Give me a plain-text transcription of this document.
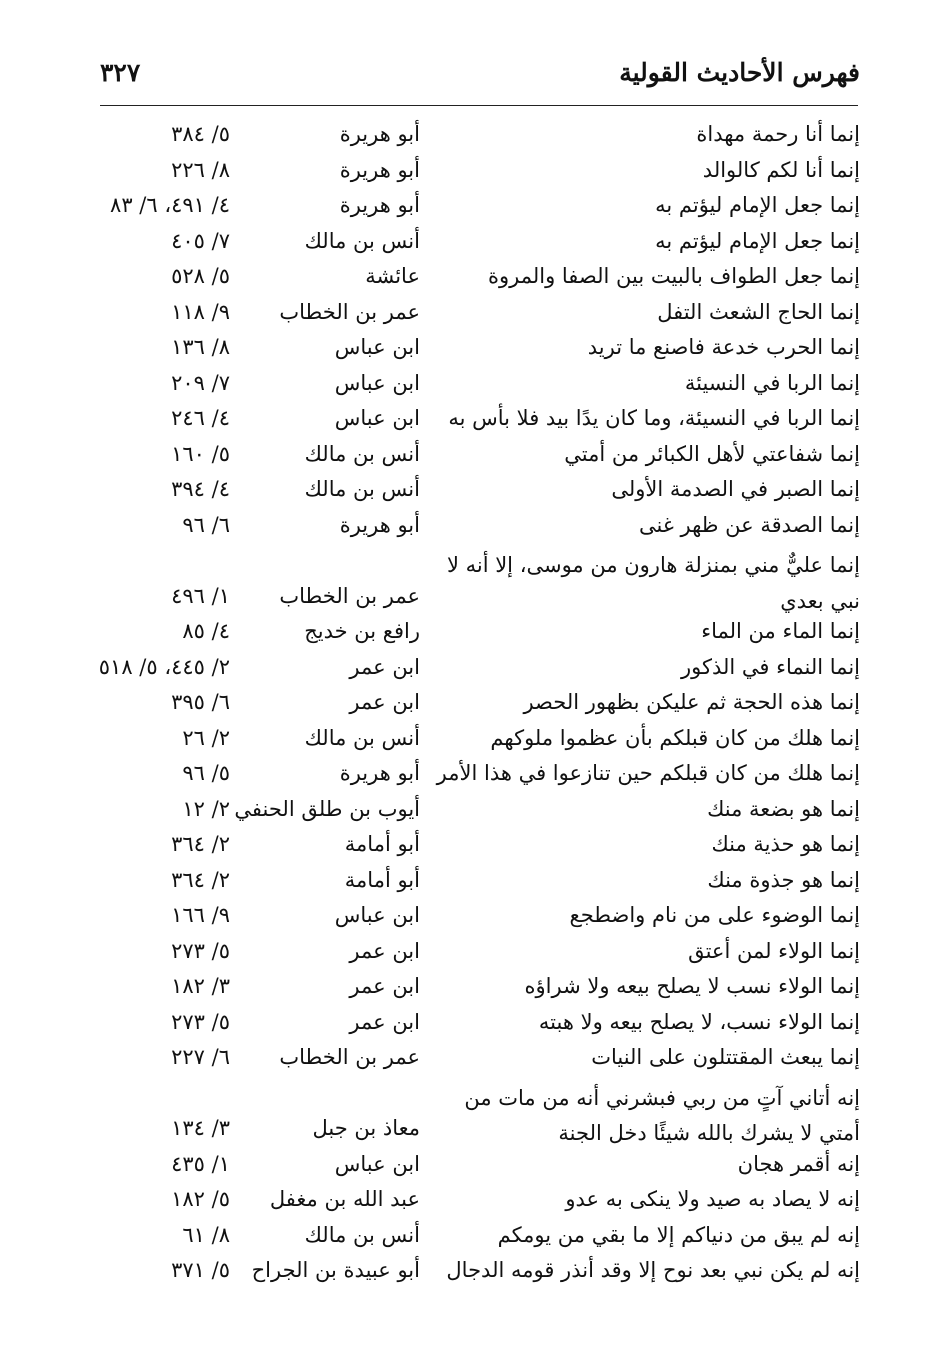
فهرس الأحاديث القولية
٣٢٧
إنما أنا رحمة مهداة
أبو هريرة
٥/ ٣٨٤
إنما أنا لكم كالوالد
أبو هريرة
٨/ ٢٢٦
إنما جعل الإمام ليؤتم به
أبو هريرة
٤/ ٤٩١، ٦/ ٨٣
إنما جعل الإمام ليؤتم به
أنس بن مالك
٧/ ٤٠٥
إنما جعل الطواف بالبيت بين الصفا والمروة
عائشة
٥/ ٥٢٨
إنما الحاج الشعث التفل
عمر بن الخطاب
٩/ ١١٨
إنما الحرب خدعة فاصنع ما تريد
ابن عباس
٨/ ١٣٦
إنما الربا في النسيئة
ابن عباس
٧/ ٢٠٩
إنما الربا في النسيئة، وما كان يدًا بيد فلا بأس به
ابن عباس
٤/ ٢٤٦
إنما شفاعتي لأهل الكبائر من أمتي
أنس بن مالك
٥/ ١٦٠
إنما الصبر في الصدمة الأولى
أنس بن مالك
٤/ ٣٩٤
إنما الصدقة عن ظهر غنى
أبو هريرة
٦/ ٩٦
إنما عليٌّ مني بمنزلة هارون من موسى، إلا أنه لا نبي بعدي
عمر بن الخطاب
١/ ٤٩٦
إنما الماء من الماء
رافع بن خديج
٤/ ٨٥
إنما النماء في الذكور
ابن عمر
٢/ ٤٤٥، ٥/ ٥١٨
إنما هذه الحجة ثم عليكن بظهور الحصر
ابن عمر
٦/ ٣٩٥
إنما هلك من كان قبلكم بأن عظموا ملوكهم
أنس بن مالك
٢/ ٢٦
إنما هلك من كان قبلكم حين تنازعوا في هذا الأمر
أبو هريرة
٥/ ٩٦
إنما هو بضعة منك
أيوب بن طلق الحنفي
٢/ ١٢
إنما هو حذية منك
أبو أمامة
٢/ ٣٦٤
إنما هو جذوة منك
أبو أمامة
٢/ ٣٦٤
إنما الوضوء على من نام واضطجع
ابن عباس
٩/ ١٦٦
إنما الولاء لمن أعتق
ابن عمر
٥/ ٢٧٣
إنما الولاء نسب لا يصلح بيعه ولا شراؤه
ابن عمر
٣/ ١٨٢
إنما الولاء نسب، لا يصلح بيعه ولا هبته
ابن عمر
٥/ ٢٧٣
إنما يبعث المقتتلون على النيات
عمر بن الخطاب
٦/ ٢٢٧
إنه أتاني آتٍ من ربي فبشرني أنه من مات من أمتي لا يشرك بالله شيئًا دخل الجنة
معاذ بن جبل
٣/ ١٣٤
إنه أقمر هجان
ابن عباس
١/ ٤٣٥
إنه لا يصاد به صيد ولا ينكى به عدو
عبد الله بن مغفل
٥/ ١٨٢
إنه لم يبق من دنياكم إلا ما بقي من يومكم
أنس بن مالك
٨/ ٦١
إنه لم يكن نبي بعد نوح إلا وقد أنذر قومه الدجال
أبو عبيدة بن الجراح
٥/ ٣٧١
